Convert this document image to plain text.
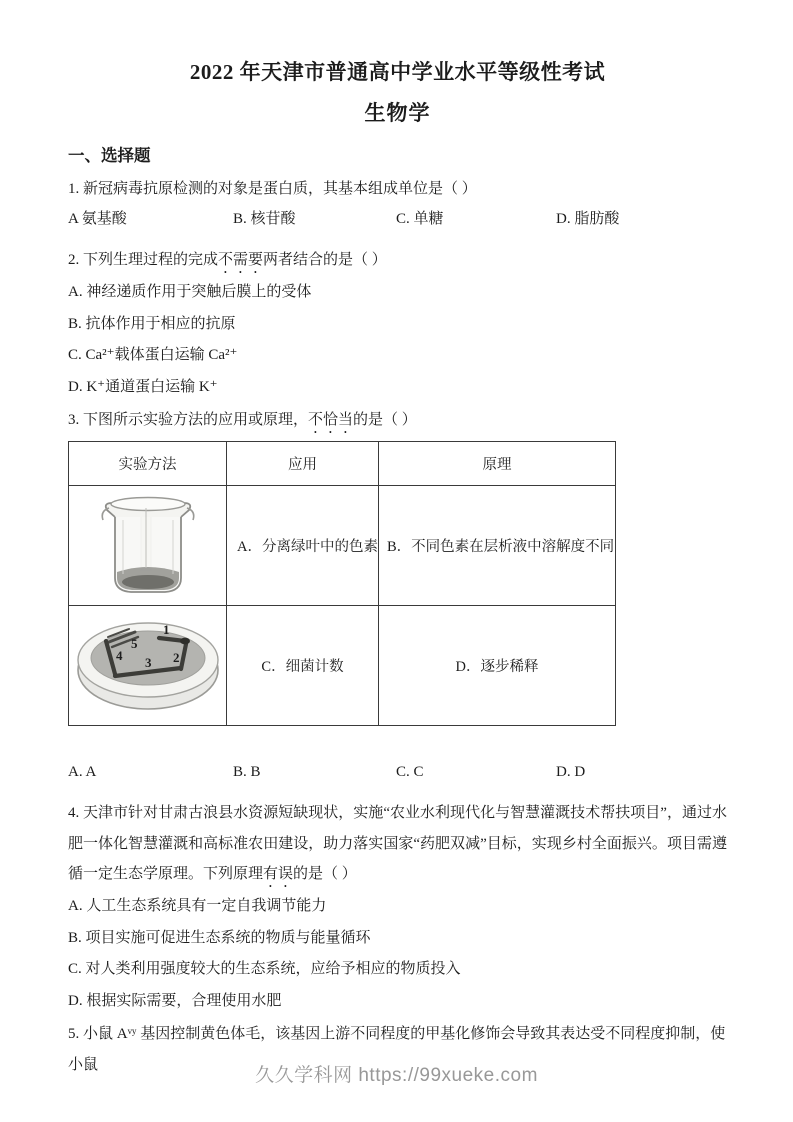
2022 年天津市普通高中学业水平等级性考试
生物学
一、选择题

1. 新冠病毒抗原检测的对象是蛋白质，其基本组成单位是（ ）

A 氨基酸	B. 核苷酸	C. 单糖	D. 脂肪酸

2. 下列生理过程的完成不需要两者结合的是（ ）

A. 神经递质作用于突触后膜上的受体
B. 抗体作用于相应的抗原
C. Ca²⁺载体蛋白运输 Ca²⁺
D. K⁺通道蛋白运输 K⁺

3. 下图所示实验方法的应用或原理，不恰当的是（ ）

实验方法	应用	原理

	A．分离绿叶中的色素	B．不同色素在层析液中溶解度不同

1
2
3
4
5	C．细菌计数	D．逐步稀释
A. A	B. B	C. C	D. D

4. 天津市针对甘肃古浪县水资源短缺现状，实施“农业水利现代化与智慧灌溉技术帮扶项目”，通过水肥一体化智慧灌溉和高标准农田建设，助力落实国家“药肥双减”目标，实现乡村全面振兴。项目需遵循一定生态学原理。下列原理有误的是（ ）

A. 人工生态系统具有一定自我调节能力
B. 项目实施可促进生态系统的物质与能量循环
C. 对人类利用强度较大的生态系统，应给予相应的物质投入
D. 根据实际需要，合理使用水肥

5. 小鼠 Aᵛʸ 基因控制黄色体毛，该基因上游不同程度的甲基化修饰会导致其表达受不同程度抑制，使小鼠	久久学科网 https://99xueke.com
